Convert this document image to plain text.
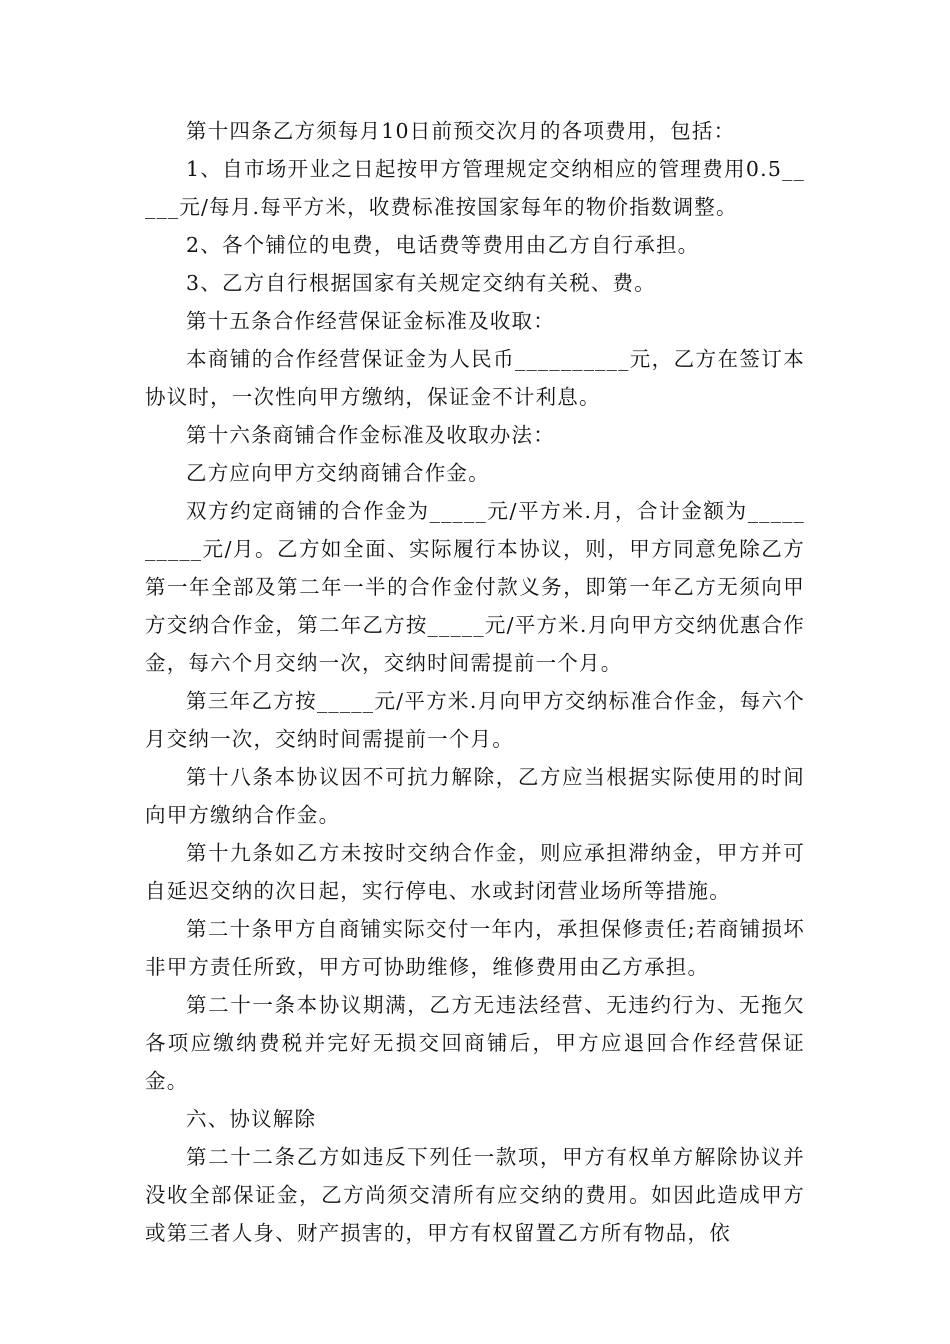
第十四条乙方须每月10日前预交次月的各项费用，包括：

1、自市场开业之日起按甲方管理规定交纳相应的管理费用0.5_____元/每月.每平方米，收费标准按国家每年的物价指数调整。

2、各个铺位的电费，电话费等费用由乙方自行承担。

3、乙方自行根据国家有关规定交纳有关税、费。

第十五条合作经营保证金标准及收取：

本商铺的合作经营保证金为人民币__________元，乙方在签订本协议时，一次性向甲方缴纳，保证金不计利息。

第十六条商铺合作金标准及收取办法：

乙方应向甲方交纳商铺合作金。

双方约定商铺的合作金为_____元/平方米.月，合计金额为__________元/月。乙方如全面、实际履行本协议，则，甲方同意免除乙方第一年全部及第二年一半的合作金付款义务，即第一年乙方无须向甲方交纳合作金，第二年乙方按_____元/平方米.月向甲方交纳优惠合作金，每六个月交纳一次，交纳时间需提前一个月。

第三年乙方按_____元/平方米.月向甲方交纳标准合作金，每六个月交纳一次，交纳时间需提前一个月。

第十八条本协议因不可抗力解除，乙方应当根据实际使用的时间向甲方缴纳合作金。

第十九条如乙方未按时交纳合作金，则应承担滞纳金，甲方并可自延迟交纳的次日起，实行停电、水或封闭营业场所等措施。

第二十条甲方自商铺实际交付一年内，承担保修责任;若商铺损坏非甲方责任所致，甲方可协助维修，维修费用由乙方承担。

第二十一条本协议期满，乙方无违法经营、无违约行为、无拖欠各项应缴纳费税并完好无损交回商铺后，甲方应退回合作经营保证金。

六、协议解除

第二十二条乙方如违反下列任一款项，甲方有权单方解除协议并没收全部保证金，乙方尚须交清所有应交纳的费用。如因此造成甲方或第三者人身、财产损害的，甲方有权留置乙方所有物品，依
